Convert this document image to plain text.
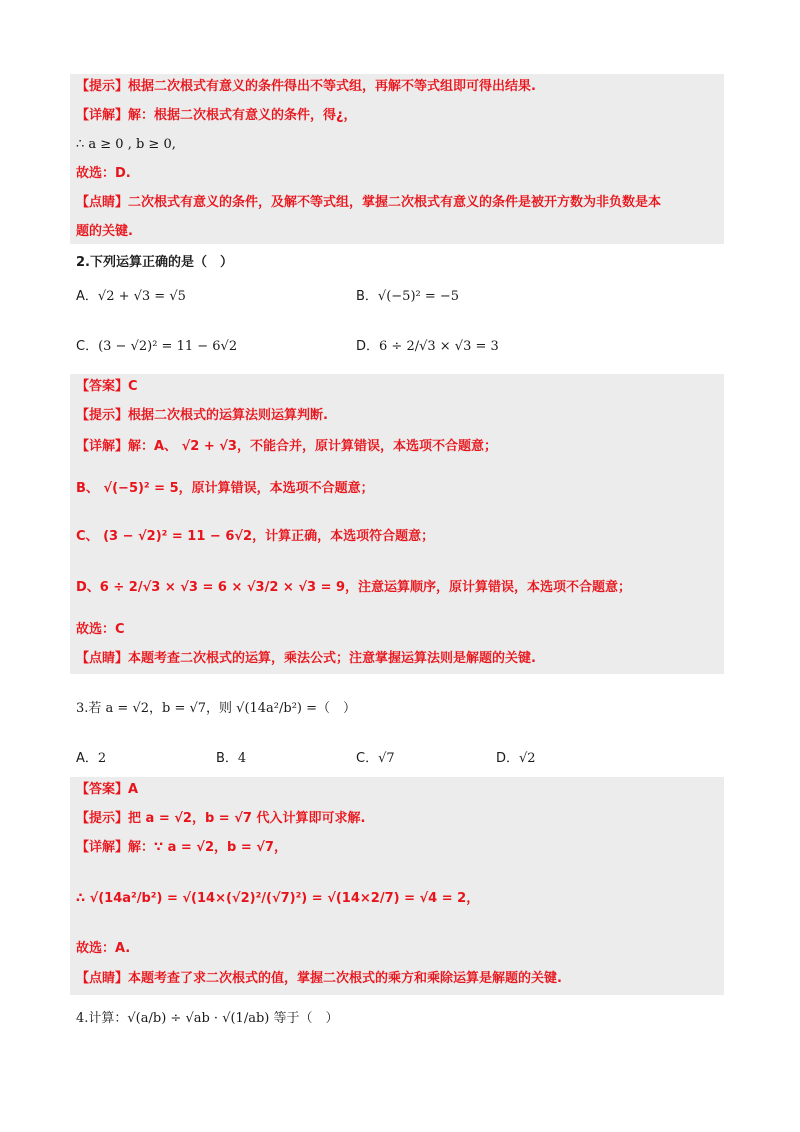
【提示】根据二次根式有意义的条件得出不等式组，再解不等式组即可得出结果.
【详解】解：根据二次根式有意义的条件，得¿，
∴ a ≥ 0 , b ≥ 0,
故选：D.
【点睛】二次根式有意义的条件，及解不等式组，掌握二次根式有意义的条件是被开方数为非负数是本
题的关键.
2.下列运算正确的是（　）
A．√2 + √3 = √5	B．√(−5)² = −5
C．(3 − √2)² = 11 − 6√2	D．6 ÷ 2/√3 × √3 = 3
【答案】C
【提示】根据二次根式的运算法则运算判断.
【详解】解：A、 √2 + √3，不能合并，原计算错误，本选项不合题意；
B、 √(−5)² = 5，原计算错误，本选项不合题意；
C、 (3 − √2)² = 11 − 6√2，计算正确，本选项符合题意；
D、6 ÷ 2/√3 × √3 = 6 × √3/2 × √3 = 9，注意运算顺序，原计算错误，本选项不合题意；
故选：C
【点睛】本题考查二次根式的运算，乘法公式；注意掌握运算法则是解题的关键.
3.若 a = √2，b = √7，则 √(14a²/b²) =（　）
A．2	B．4	C．√7	D．√2
【答案】A
【提示】把 a = √2，b = √7 代入计算即可求解.
【详解】解：∵ a = √2，b = √7，
∴ √(14a²/b²) = √(14×(√2)²/(√7)²) = √(14×2/7) = √4 = 2，
故选：A.
【点睛】本题考查了求二次根式的值，掌握二次根式的乘方和乘除运算是解题的关键.
4.计算：√(a/b) ÷ √ab · √(1/ab) 等于（　）
